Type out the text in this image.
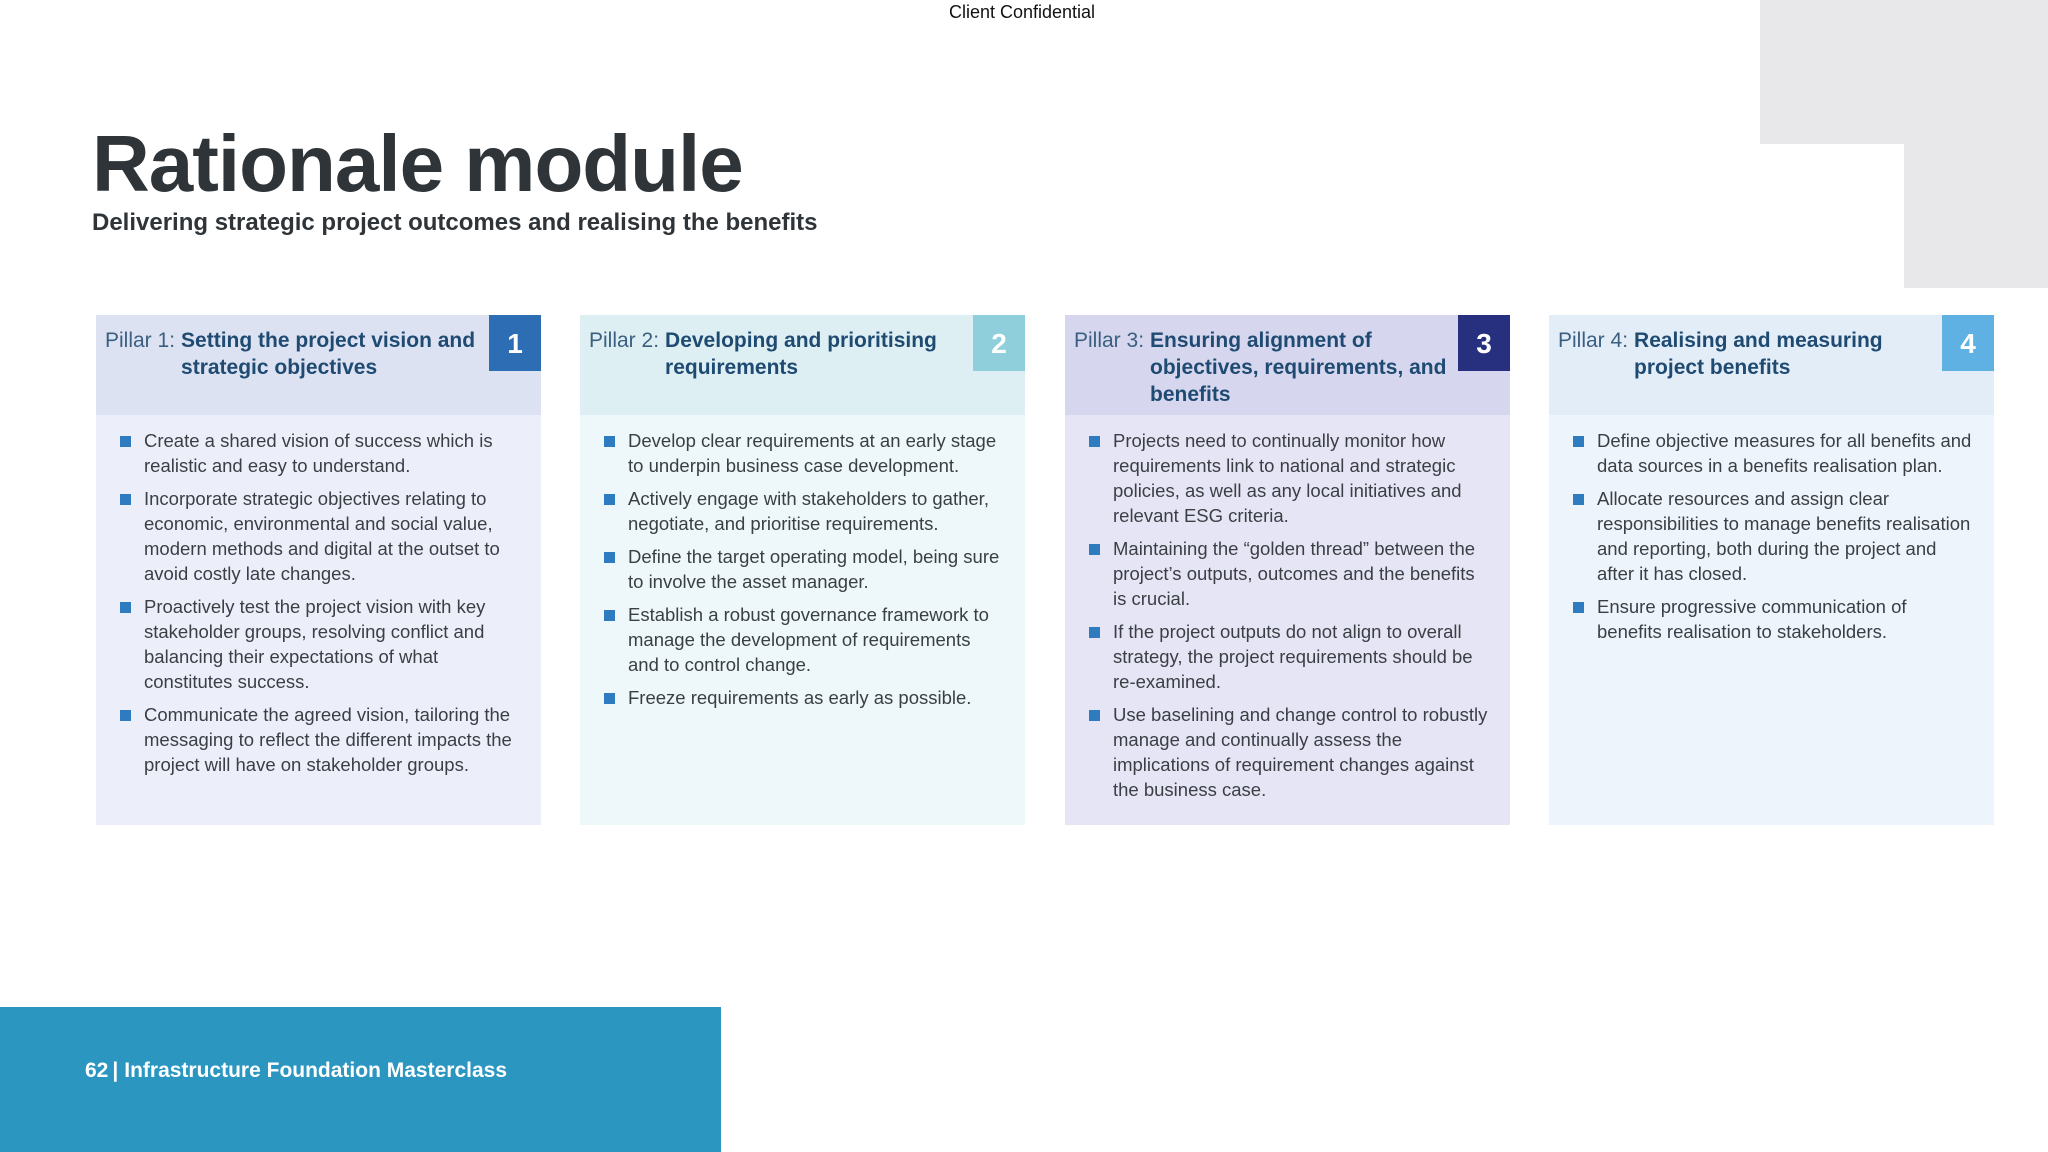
Client Confidential
Rationale module
Delivering strategic project outcomes and realising the benefits
Pillar 1: Setting the project vision and strategic objectives
1
Create a shared vision of success which is realistic and easy to understand.
Incorporate strategic objectives relating to economic, environmental and social value, modern methods and digital at the outset to avoid costly late changes.
Proactively test the project vision with key stakeholder groups, resolving conflict and balancing their expectations of what constitutes success.
Communicate the agreed vision, tailoring the messaging to reflect the different impacts the project will have on stakeholder groups.
Pillar 2: Developing and prioritising requirements
2
Develop clear requirements at an early stage to underpin business case development.
Actively engage with stakeholders to gather, negotiate, and prioritise requirements.
Define the target operating model, being sure to involve the asset manager.
Establish a robust governance framework to manage the development of requirements and to control change.
Freeze requirements as early as possible.
Pillar 3: Ensuring alignment of objectives, requirements, and benefits
3
Projects need to continually monitor how requirements link to national and strategic policies, as well as any local initiatives and relevant ESG criteria.
Maintaining the “golden thread” between the project’s outputs, outcomes and the benefits is crucial.
If the project outputs do not align to overall strategy, the project requirements should be re-examined.
Use baselining and change control to robustly manage and continually assess the implications of requirement changes against the business case.
Pillar 4: Realising and measuring project benefits
4
Define objective measures for all benefits and data sources in a benefits realisation plan.
Allocate resources and assign clear responsibilities to manage benefits realisation and reporting, both during the project and after it has closed.
Ensure progressive communication of benefits realisation to stakeholders.
62 | Infrastructure Foundation Masterclass
